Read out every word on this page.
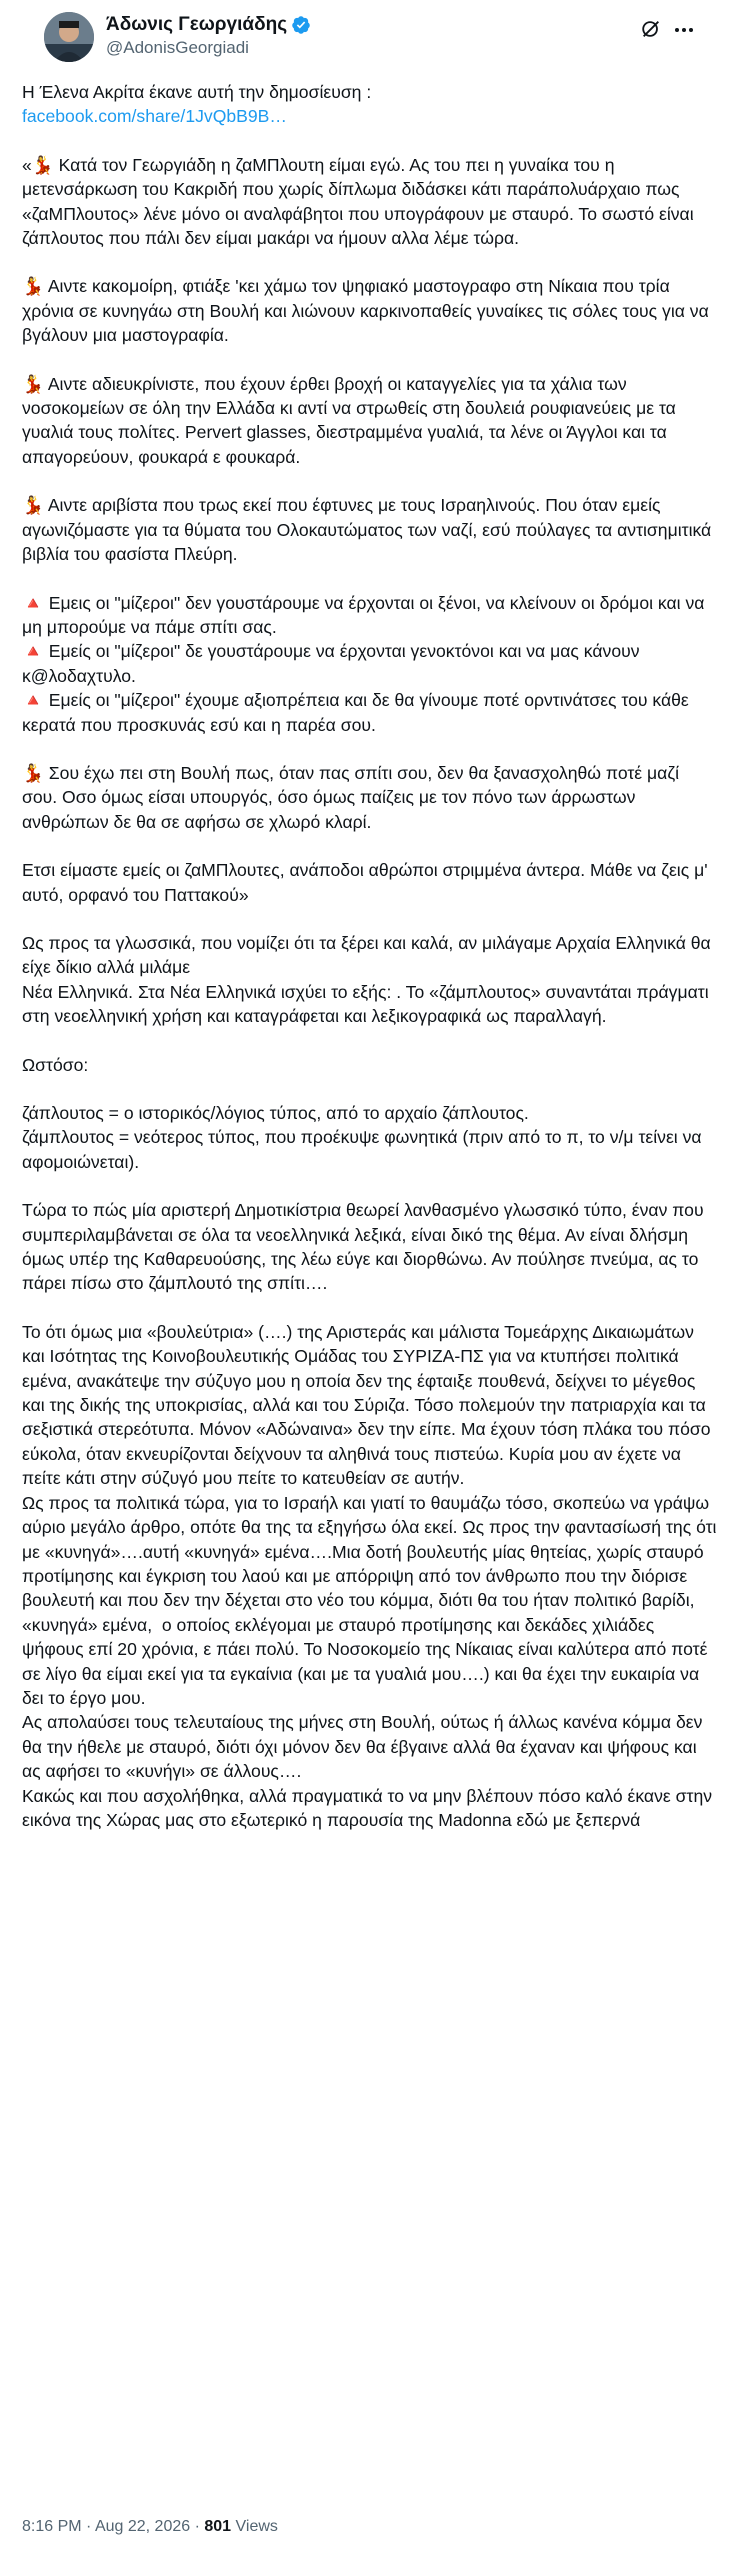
Άδωνις Γεωργιάδης
@AdonisGeorgiadi

Η Έλενα Ακρίτα έκανε αυτή την δημοσίευση :

facebook.com/share/1JvQbB9B…

«💃 Κατά τον Γεωργιάδη η ζαΜΠλουτη είμαι εγώ. Ας του πει η γυναίκα του η μετενσάρκωση του Κακριδή που χωρίς δίπλωμα διδάσκει κάτι παράπολυάρχαιο πως «ζαΜΠλουτος» λένε μόνο οι αναλφάβητοι που υπογράφουν με σταυρό. Το σωστό είναι ζάπλουτος που πάλι δεν είμαι μακάρι να ήμουν αλλα λέμε τώρα.

💃 Αιντε κακομοίρη, φτιάξε 'κει χάμω τον ψηφιακό μαστογραφο στη Νίκαια που τρία χρόνια σε κυνηγάω στη Βουλή και λιώνουν καρκινοπαθείς γυναίκες τις σόλες τους για να βγάλουν μια μαστογραφία.

💃 Αιντε αδιευκρίνιστε, που έχουν έρθει βροχή οι καταγγελίες για τα χάλια των νοσοκομείων σε όλη την Ελλάδα κι αντί να στρωθείς στη δουλειά ρουφιανεύεις με τα γυαλιά τους πολίτες. Pervert glasses, διεστραμμένα γυαλιά, τα λένε οι Άγγλοι και τα απαγορεύουν, φουκαρά ε φουκαρά.

💃 Αιντε αριβίστα που τρως εκεί που έφτυνες με τους Ισραηλινούς. Που όταν εμείς αγωνιζόμαστε για τα θύματα του Ολοκαυτώματος των ναζί, εσύ πούλαγες τα αντισημιτικά βιβλία του φασίστα Πλεύρη.

🔺 Εμεις οι "μίζεροι" δεν γουστάρουμε να έρχονται οι ξένοι, να κλείνουν οι δρόμοι και να μη μπορούμε να πάμε σπίτι σας.

🔺 Εμείς οι "μίζεροι" δε γουστάρουμε να έρχονται γενοκτόνοι και να μας κάνουν κ@λοδαχτυλο.

🔺 Εμείς οι "μίζεροι" έχουμε αξιοπρέπεια και δε θα γίνουμε ποτέ ορντινάτσες του κάθε κερατά που προσκυνάς εσύ και η παρέα σου.

💃 Σου έχω πει στη Βουλή πως, όταν πας σπίτι σου, δεν θα ξανασχοληθώ ποτέ μαζί σου. Οσο όμως είσαι υπουργός, όσο όμως παίζεις με τον πόνο των άρρωστων ανθρώπων δε θα σε αφήσω σε χλωρό κλαρί.

Ετσι είμαστε εμείς οι ζαΜΠλουτες, ανάποδοι αθρώποι στριμμένα άντερα. Μάθε να ζεις μ' αυτό, ορφανό του Παττακού»

Ως προς τα γλωσσικά, που νομίζει ότι τα ξέρει και καλά, αν μιλάγαμε Αρχαία Ελληνικά θα είχε δίκιο αλλά μιλάμε
Νέα Ελληνικά. Στα Νέα Ελληνικά ισχύει το εξής: . Το «ζάμπλουτος» συναντάται πράγματι στη νεοελληνική χρήση και καταγράφεται και λεξικογραφικά ως παραλλαγή.

Ωστόσο:

ζάπλουτος = ο ιστορικός/λόγιος τύπος, από το αρχαίο ζάπλουτος.
ζάμπλουτος = νεότερος τύπος, που προέκυψε φωνητικά (πριν από το π, το ν/μ τείνει να αφομοιώνεται).

Τώρα το πώς μία αριστερή Δημοτικίστρια θεωρεί λανθασμένο γλωσσικό τύπο, έναν που συμπεριλαμβάνεται σε όλα τα νεοελληνικά λεξικά, είναι δικό της θέμα. Αν είναι δλήσμη όμως υπέρ της Καθαρευούσης, της λέω εύγε και διορθώνω. Αν πούλησε πνεύμα, ας το πάρει πίσω στο ζάμπλουτό της σπίτι….

Το ότι όμως μια «βουλεύτρια» (….) της Αριστεράς και μάλιστα Τομεάρχης Δικαιωμάτων και Ισότητας της Κοινοβουλευτικής Ομάδας του ΣΥΡΙΖΑ-ΠΣ για να κτυπήσει πολιτικά εμένα, ανακάτεψε την σύζυγο μου η οποία δεν της έφταιξε πουθενά, δείχνει το μέγεθος και της δικής της υποκρισίας, αλλά και του Σύριζα. Τόσο πολεμούν την πατριαρχία και τα σεξιστικά στερεότυπα. Μόνον «Αδώναινα» δεν την είπε. Μα έχουν τόση πλάκα του πόσο εύκολα, όταν εκνευρίζονται δείχνουν τα αληθινά τους πιστεύω. Κυρία μου αν έχετε να πείτε κάτι στην σύζυγό μου πείτε το κατευθείαν σε αυτήν.
Ως προς τα πολιτικά τώρα, για το Ισραήλ και γιατί το θαυμάζω τόσο, σκοπεύω να γράψω αύριο μεγάλο άρθρο, οπότε θα της τα εξηγήσω όλα εκεί. Ως προς την φαντασίωσή της ότι με «κυνηγά»….αυτή «κυνηγά» εμένα….Μια δοτή βουλευτής μίας θητείας, χωρίς σταυρό προτίμησης και έγκριση του λαού και με απόρριψη από τον άνθρωπο που την διόρισε βουλευτή και που δεν την δέχεται στο νέο του κόμμα, διότι θα του ήταν πολιτικό βαρίδι, «κυνηγά» εμένα,  ο οποίος εκλέγομαι με σταυρό προτίμησης και δεκάδες χιλιάδες ψήφους επί 20 χρόνια, ε πάει πολύ. Το Νοσοκομείο της Νίκαιας είναι καλύτερα από ποτέ σε λίγο θα είμαι εκεί για τα εγκαίνια (και με τα γυαλιά μου….) και θα έχει την ευκαιρία να δει το έργο μου.
Ας απολαύσει τους τελευταίους της μήνες στη Βουλή, ούτως ή άλλως κανένα κόμμα δεν θα την ήθελε με σταυρό, διότι όχι μόνον δεν θα έβγαινε αλλά θα έχαναν και ψήφους και ας αφήσει το «κυνήγι» σε άλλους….
Κακώς και που ασχολήθηκα, αλλά πραγματικά το να μην βλέπουν πόσο καλό έκανε στην εικόνα της Χώρας μας στο εξωτερικό η παρουσία της Madonna εδώ με ξεπερνά

8:16 PM · Aug 22, 2026 · 801 Views
